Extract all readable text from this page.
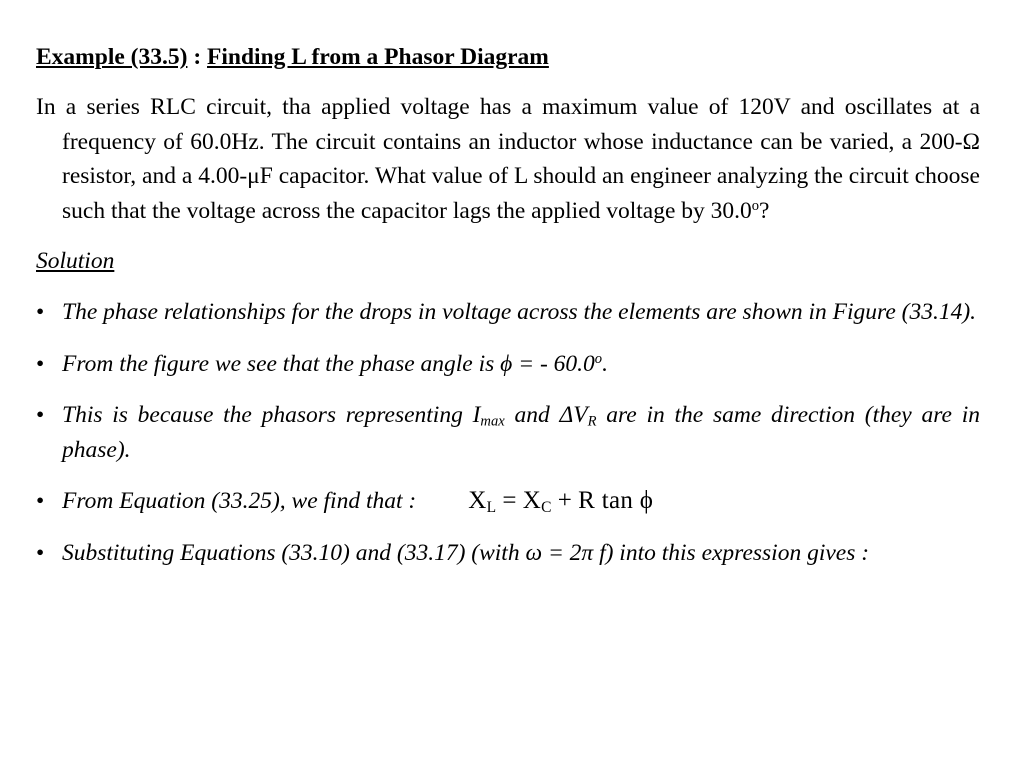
Example (33.5) : Finding L from a Phasor Diagram

In a series RLC circuit, tha applied voltage has a maximum value of 120V and oscillates at a frequency of 60.0Hz. The circuit contains an inductor whose inductance can be varied, a 200-Ω resistor, and a 4.00-μF capacitor. What value of L should an engineer analyzing the circuit choose such that the voltage across the capacitor lags the applied voltage by 30.0$^o$?

Solution

• The phase relationships for the drops in voltage across the elements are shown in Figure (33.14).
• From the figure we see that the phase angle is ϕ = - 60.0$^o$.
• This is because the phasors representing $I_{max}$ and $\Delta V_R$ are in the same direction (they are in phase).
• From Equation (33.25), we find that : $X_L = X_C + R$ tan ϕ
• Substituting Equations (33.10) and (33.17) (with ω = 2π f) into this expression gives :
